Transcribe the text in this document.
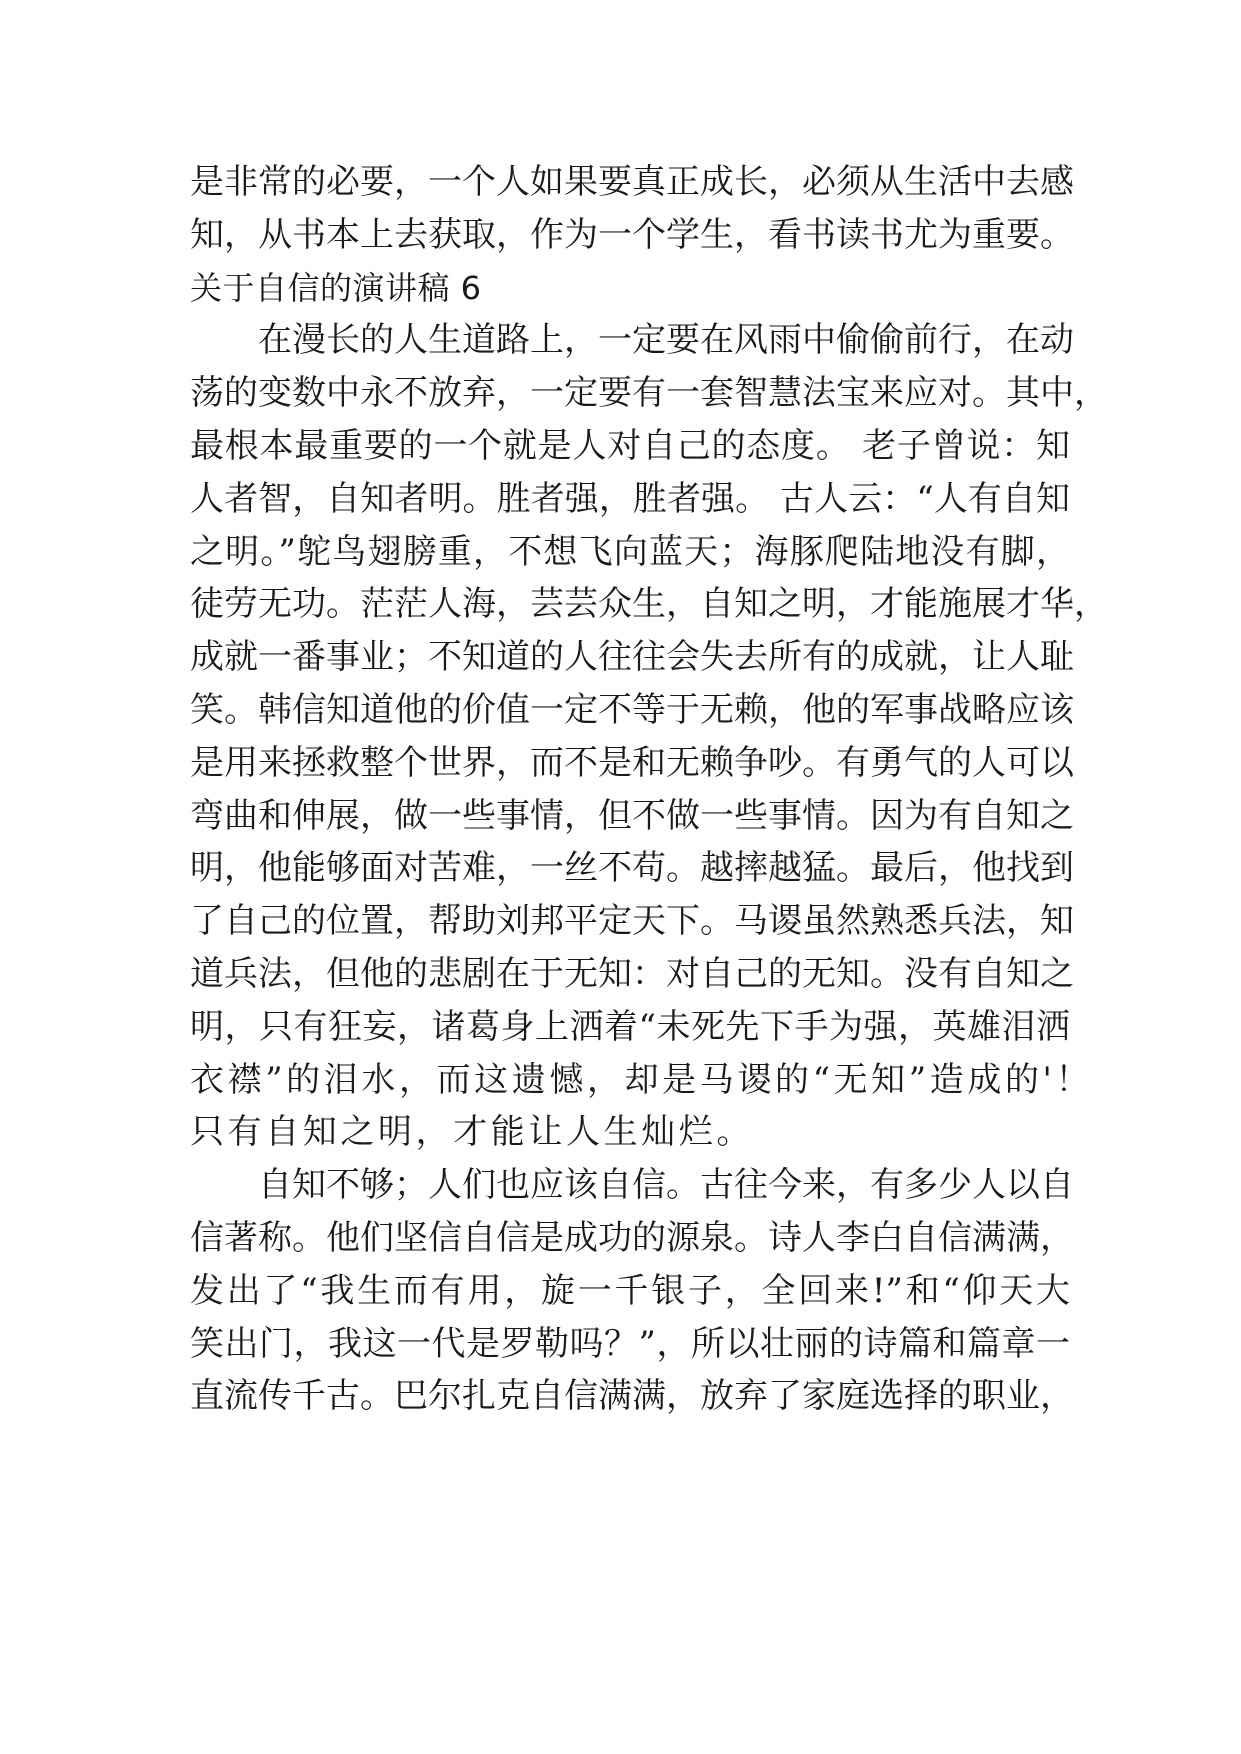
是非常的必要，一个人如果要真正成长，必须从生活中去感
知，从书本上去获取，作为一个学生，看书读书尤为重要。
关于自信的演讲稿 6
在漫长的人生道路上，一定要在风雨中偷偷前行，在动
荡的变数中永不放弃，一定要有一套智慧法宝来应对。其中，
最根本最重要的一个就是人对自己的态度。 老子曾说：知
人者智，自知者明。胜者强，胜者强。 古人云：“人有自知
之明。”鸵鸟翅膀重，不想飞向蓝天；海豚爬陆地没有脚，
徒劳无功。茫茫人海，芸芸众生，自知之明，才能施展才华，
成就一番事业；不知道的人往往会失去所有的成就，让人耻
笑。韩信知道他的价值一定不等于无赖，他的军事战略应该
是用来拯救整个世界，而不是和无赖争吵。有勇气的人可以
弯曲和伸展，做一些事情，但不做一些事情。因为有自知之
明，他能够面对苦难，一丝不苟。越摔越猛。最后，他找到
了自己的位置，帮助刘邦平定天下。马谡虽然熟悉兵法，知
道兵法，但他的悲剧在于无知：对自己的无知。没有自知之
明，只有狂妄，诸葛身上洒着“未死先下手为强，英雄泪洒
衣襟”的泪水，而这遗憾，却是马谡的“无知”造成的'！
只有自知之明，才能让人生灿烂。
自知不够；人们也应该自信。古往今来，有多少人以自
信著称。他们坚信自信是成功的源泉。诗人李白自信满满，
发出了“我生而有用，旋一千银子，全回来!”和“仰天大
笑出门，我这一代是罗勒吗？”，所以壮丽的诗篇和篇章一
直流传千古。巴尔扎克自信满满，放弃了家庭选择的职业，
